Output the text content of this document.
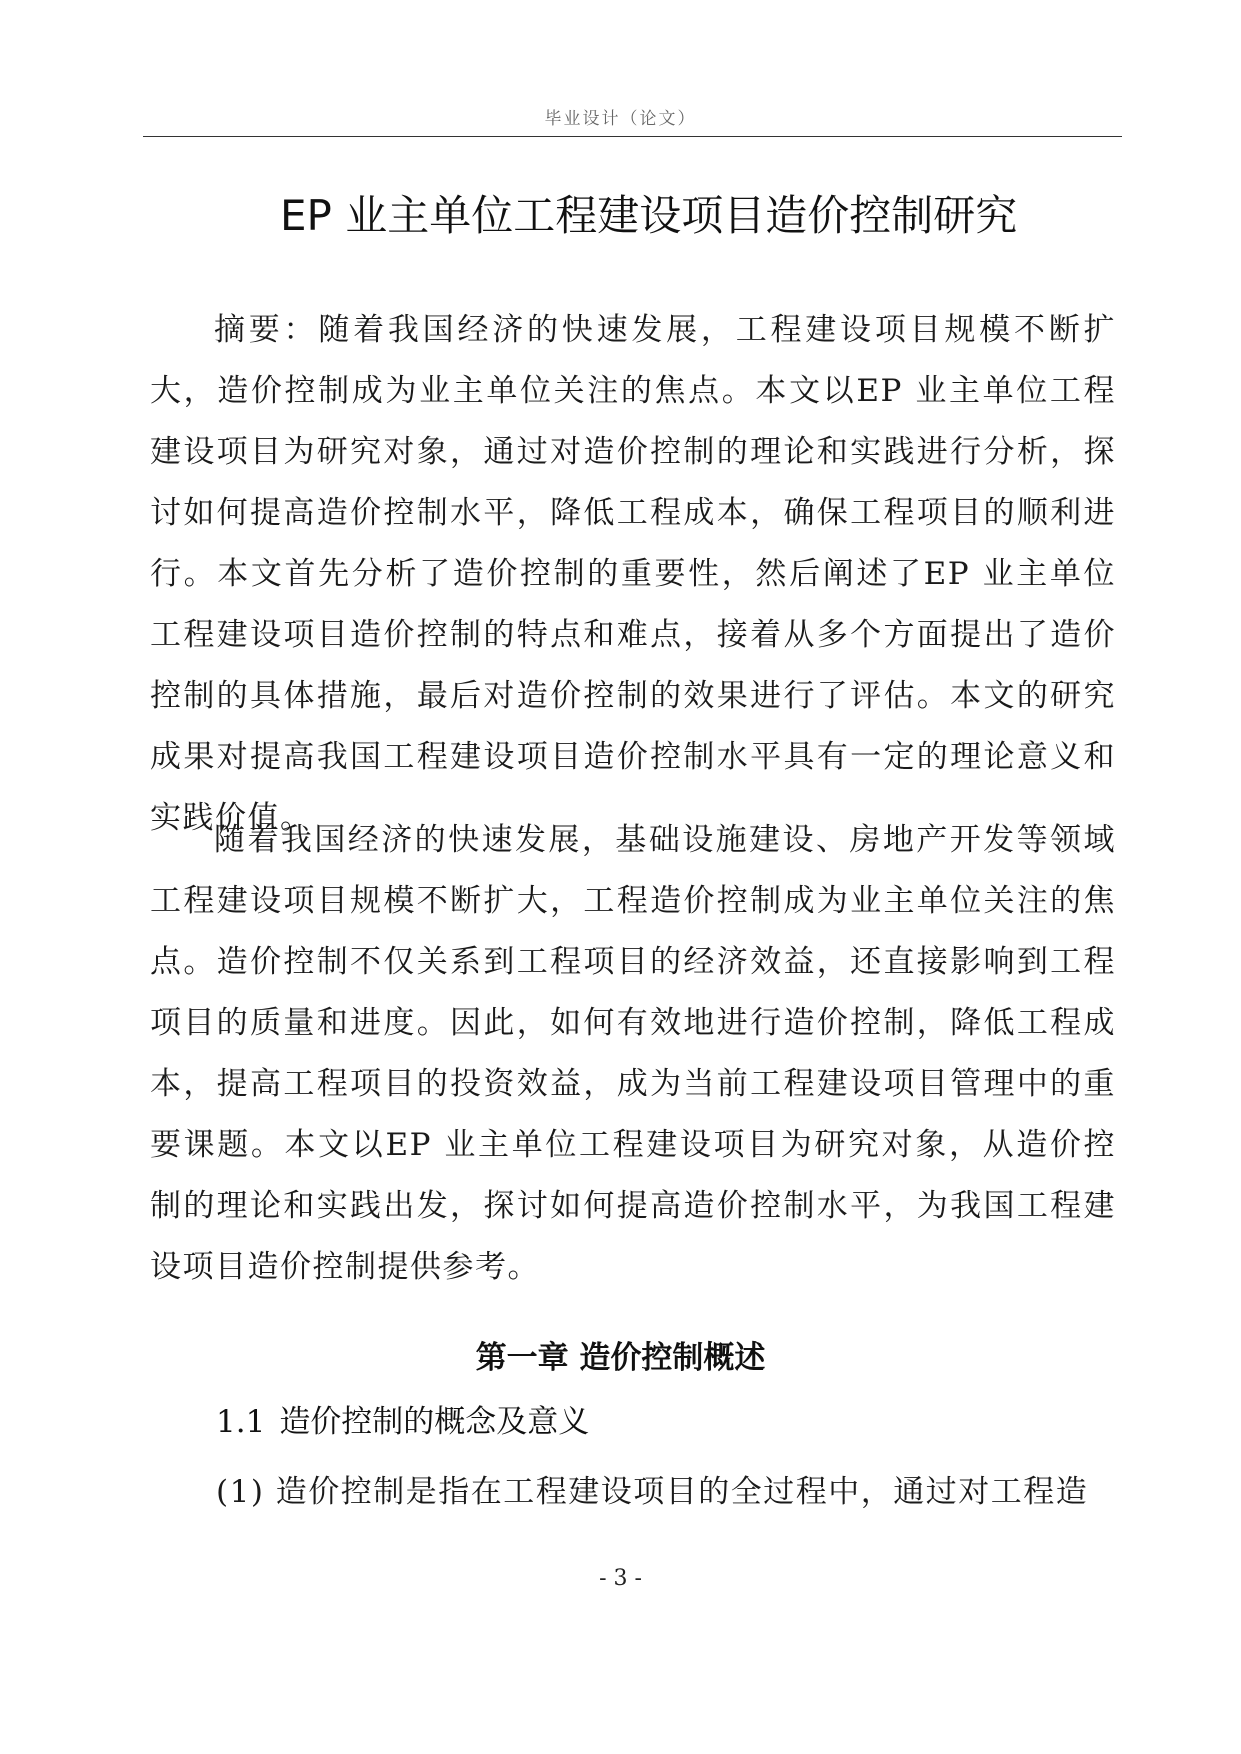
毕业设计（论文）
EP 业主单位工程建设项目造价控制研究

摘要：随着我国经济的快速发展，工程建设项目规模不断扩大，造价控制成为业主单位关注的焦点。本文以EP 业主单位工程建设项目为研究对象，通过对造价控制的理论和实践进行分析，探讨如何提高造价控制水平，降低工程成本，确保工程项目的顺利进行。本文首先分析了造价控制的重要性，然后阐述了EP 业主单位工程建设项目造价控制的特点和难点，接着从多个方面提出了造价控制的具体措施，最后对造价控制的效果进行了评估。本文的研究成果对提高我国工程建设项目造价控制水平具有一定的理论意义和实践价值。

随着我国经济的快速发展，基础设施建设、房地产开发等领域工程建设项目规模不断扩大，工程造价控制成为业主单位关注的焦点。造价控制不仅关系到工程项目的经济效益，还直接影响到工程项目的质量和进度。因此，如何有效地进行造价控制，降低工程成本，提高工程项目的投资效益，成为当前工程建设项目管理中的重要课题。本文以EP 业主单位工程建设项目为研究对象，从造价控制的理论和实践出发，探讨如何提高造价控制水平，为我国工程建设项目造价控制提供参考。

第一章 造价控制概述
1.1 造价控制的概念及意义

(1) 造价控制是指在工程建设项目的全过程中，通过对工程造

- 3 -
